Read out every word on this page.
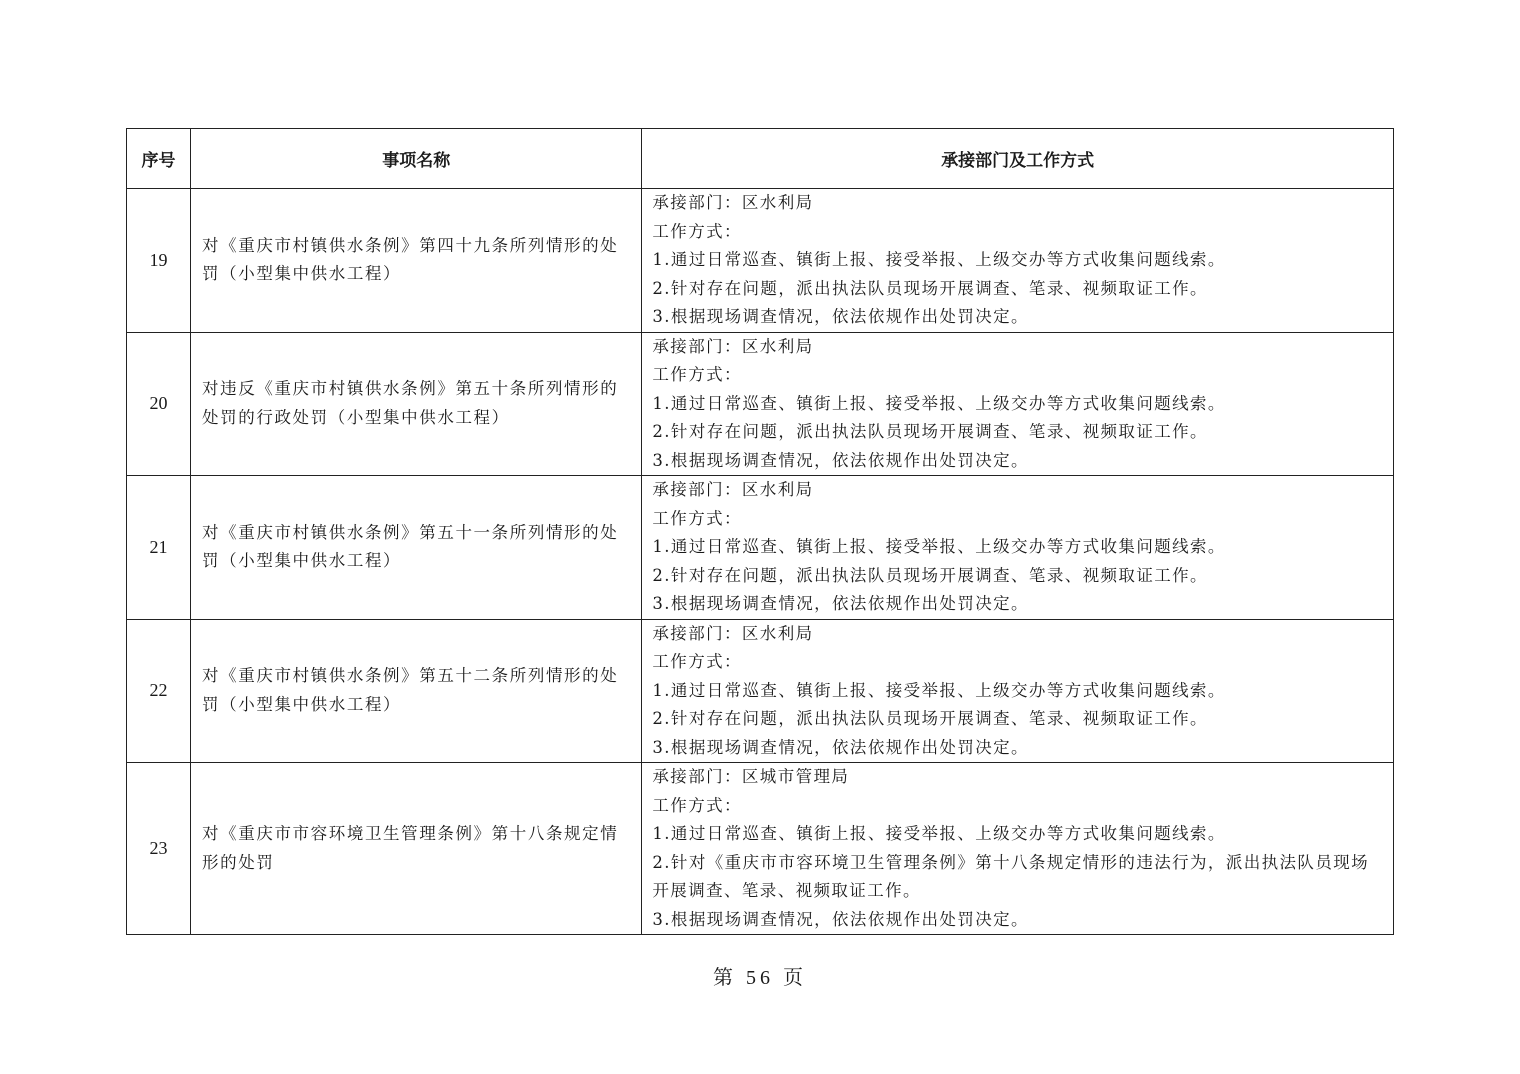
序号	事项名称	承接部门及工作方式
19	对《重庆市村镇供水条例》第四十九条所列情形的处罚（小型集中供水工程）	承接部门：区水利局
工作方式：
1.通过日常巡查、镇街上报、接受举报、上级交办等方式收集问题线索。
2.针对存在问题，派出执法队员现场开展调查、笔录、视频取证工作。
3.根据现场调查情况，依法依规作出处罚决定。

20	对违反《重庆市村镇供水条例》第五十条所列情形的处罚的行政处罚（小型集中供水工程）	承接部门：区水利局
工作方式：
1.通过日常巡查、镇街上报、接受举报、上级交办等方式收集问题线索。
2.针对存在问题，派出执法队员现场开展调查、笔录、视频取证工作。
3.根据现场调查情况，依法依规作出处罚决定。

21	对《重庆市村镇供水条例》第五十一条所列情形的处罚（小型集中供水工程）	承接部门：区水利局
工作方式：
1.通过日常巡查、镇街上报、接受举报、上级交办等方式收集问题线索。
2.针对存在问题，派出执法队员现场开展调查、笔录、视频取证工作。
3.根据现场调查情况，依法依规作出处罚决定。

22	对《重庆市村镇供水条例》第五十二条所列情形的处罚（小型集中供水工程）	承接部门：区水利局
工作方式：
1.通过日常巡查、镇街上报、接受举报、上级交办等方式收集问题线索。
2.针对存在问题，派出执法队员现场开展调查、笔录、视频取证工作。
3.根据现场调查情况，依法依规作出处罚决定。

23	对《重庆市市容环境卫生管理条例》第十八条规定情形的处罚	承接部门：区城市管理局
工作方式：
1.通过日常巡查、镇街上报、接受举报、上级交办等方式收集问题线索。
2.针对《重庆市市容环境卫生管理条例》第十八条规定情形的违法行为，派出执法队员现场开展调查、笔录、视频取证工作。
3.根据现场调查情况，依法依规作出处罚决定。
第 56 页
